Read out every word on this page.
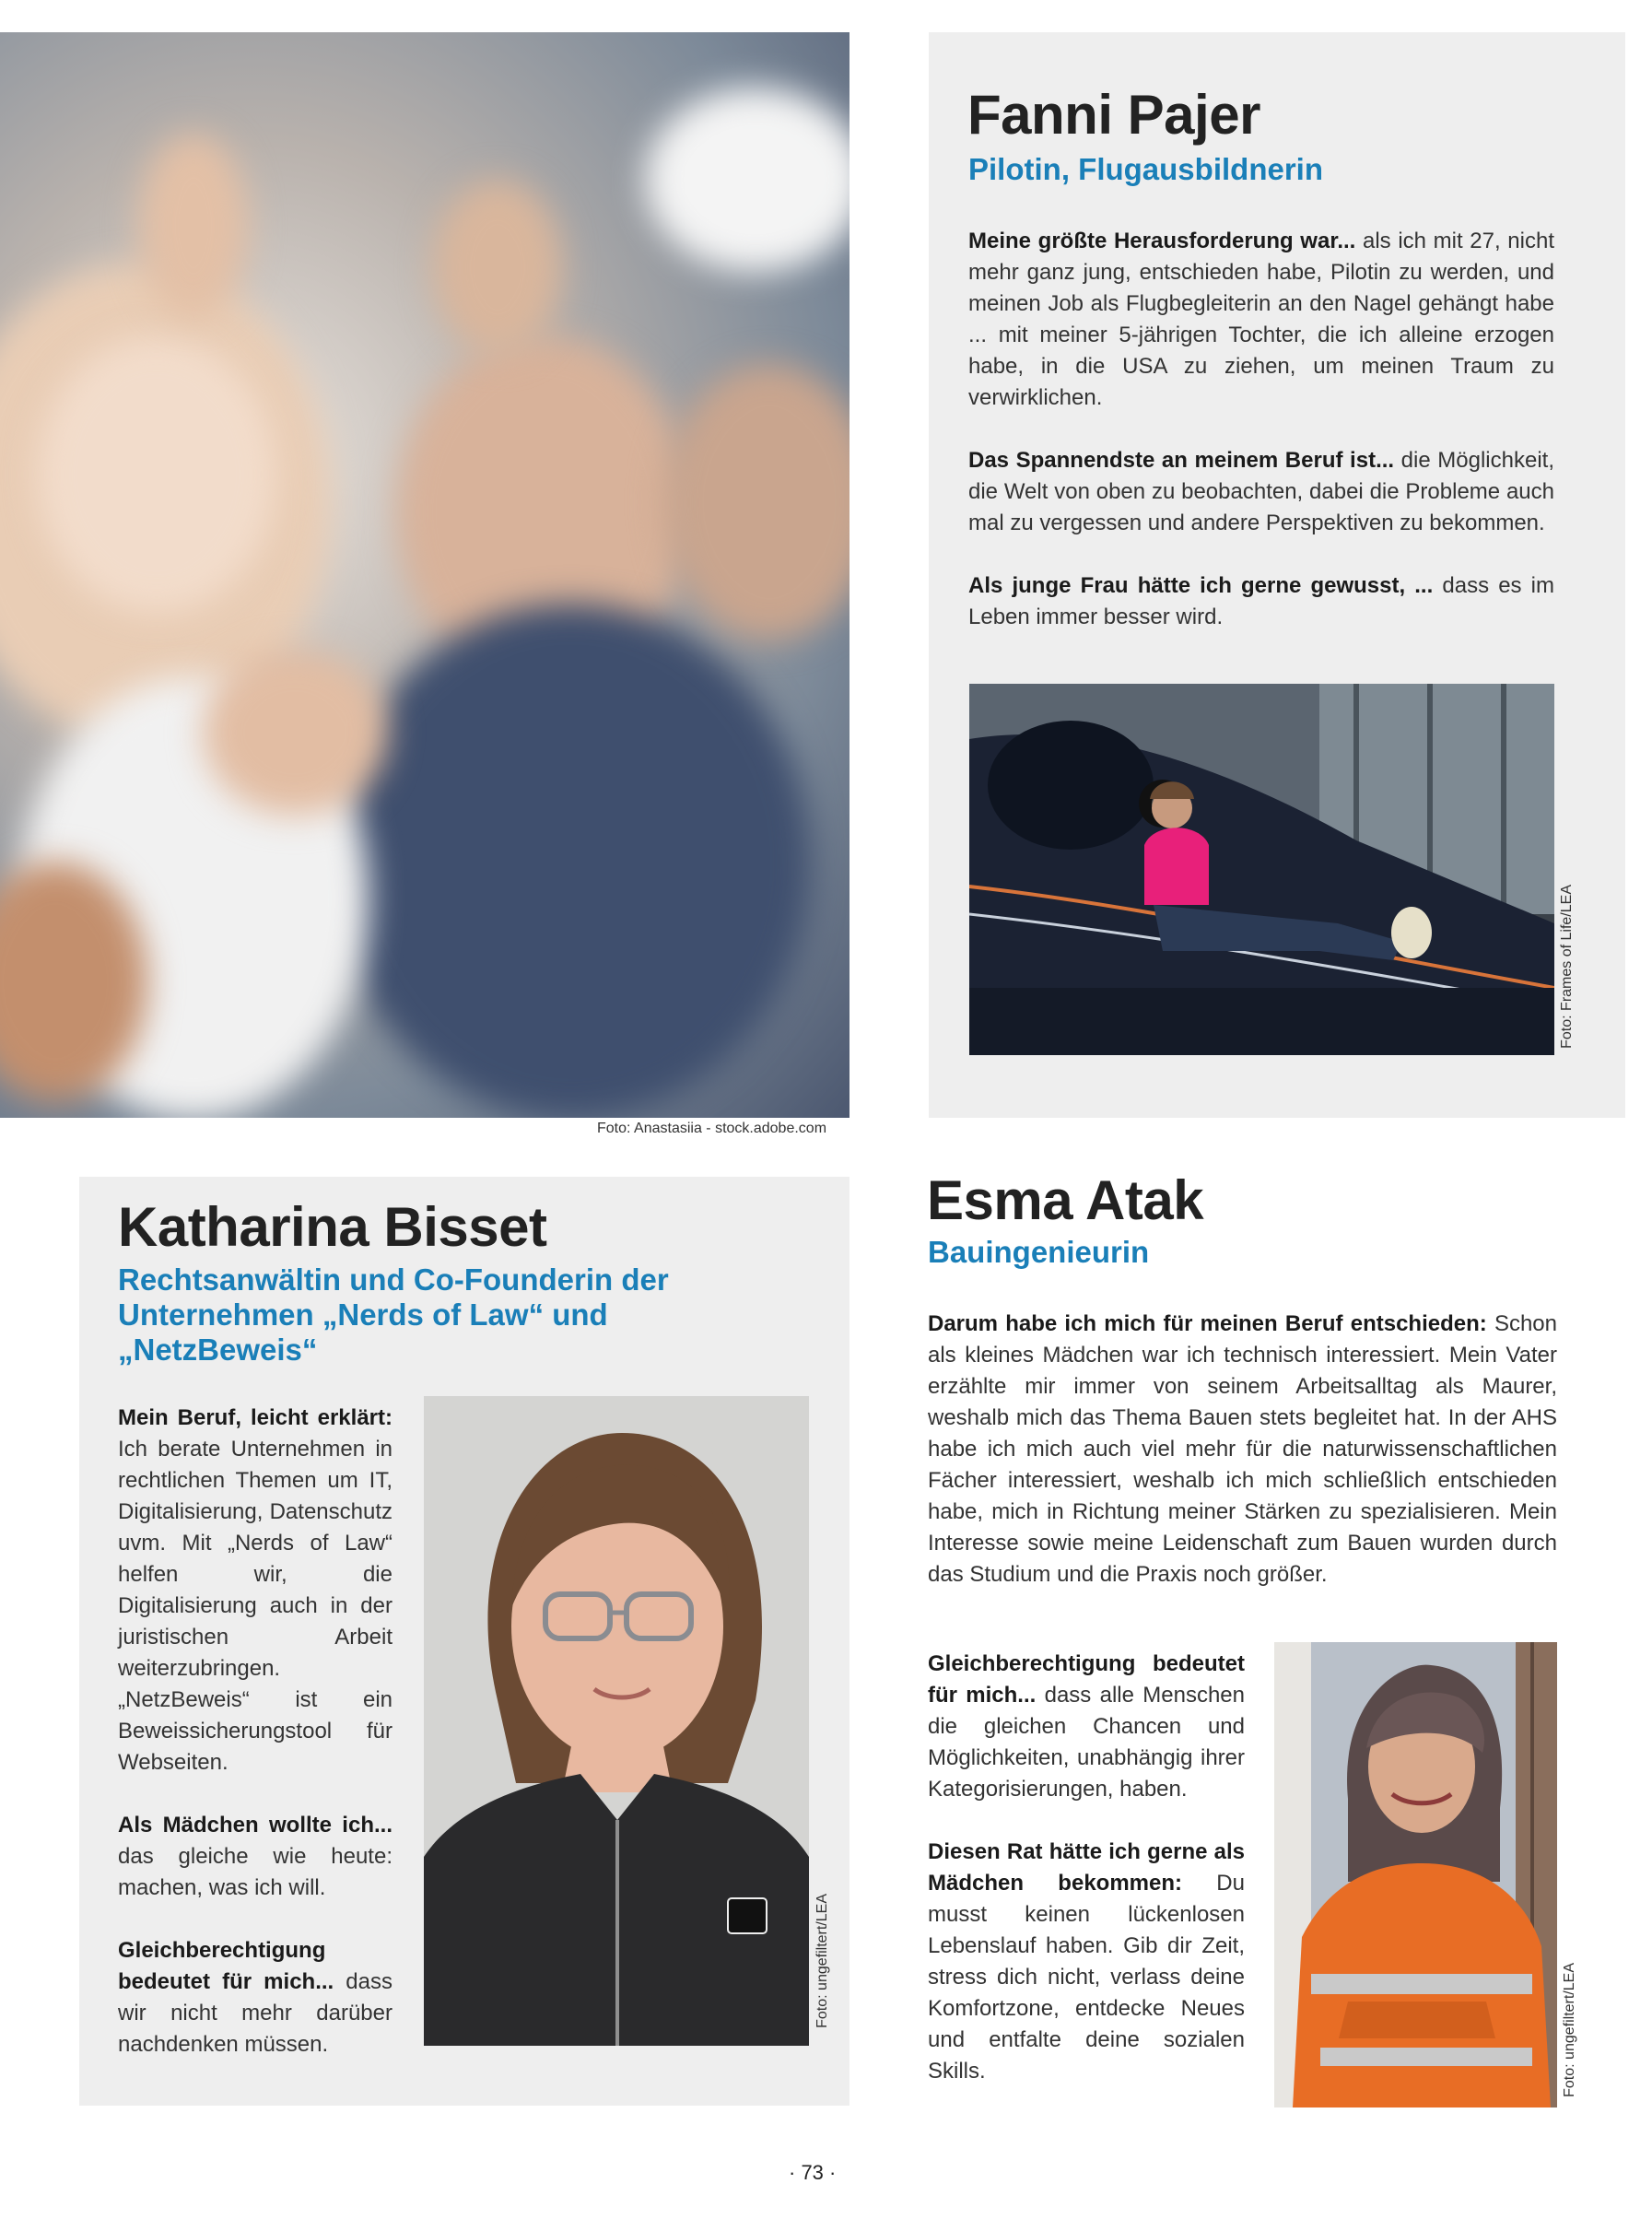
Foto: Anastasiia - stock.adobe.com
Fanni Pajer
Pilotin, Flugausbildnerin

Meine größte Herausforderung war... als ich mit 27, nicht mehr ganz jung, entschieden habe, Pilotin zu werden, und meinen Job als Flugbegleiterin an den Nagel gehängt habe ... mit meiner 5-jährigen Tochter, die ich alleine erzogen habe, in die USA zu ziehen, um meinen Traum zu verwirklichen.

Das Spannendste an meinem Beruf ist... die Möglichkeit, die Welt von oben zu beobachten, dabei die Probleme auch mal zu vergessen und andere Perspektiven zu bekommen.

Als junge Frau hätte ich gerne gewusst, ... dass es im Leben immer besser wird.

Foto: Frames of Life/LEA
Katharina Bisset
Rechtsanwältin und Co-Founderin der Unternehmen „Nerds of Law“ und „NetzBeweis“

Mein Beruf, leicht erklärt: Ich berate Unternehmen in rechtlichen Themen um IT, Digitalisierung, Datenschutz uvm. Mit „Nerds of Law“ helfen wir, die Digitalisierung auch in der juristischen Arbeit weiterzubringen. „NetzBeweis“ ist ein Beweissicherungstool für Webseiten.

Als Mädchen wollte ich... das gleiche wie heute: machen, was ich will.

Gleichberechtigung bedeutet für mich... dass wir nicht mehr darüber nachdenken müssen.

Foto: ungefiltert/LEA
Esma Atak
Bauingenieurin

Darum habe ich mich für meinen Beruf entschieden: Schon als kleines Mädchen war ich technisch interessiert. Mein Vater erzählte mir immer von seinem Arbeitsalltag als Maurer, weshalb mich das Thema Bauen stets begleitet hat. In der AHS habe ich mich auch viel mehr für die naturwissenschaftlichen Fächer interessiert, weshalb ich mich schließlich entschieden habe, mich in Richtung meiner Stärken zu spezialisieren. Mein Interesse sowie meine Leidenschaft zum Bauen wurden durch das Studium und die Praxis noch größer.

Gleichberechtigung bedeutet für mich... dass alle Menschen die gleichen Chancen und Möglichkeiten, unabhängig ihrer Kategorisierungen, haben.

Diesen Rat hätte ich gerne als Mädchen bekommen: Du musst keinen lückenlosen Lebenslauf haben. Gib dir Zeit, stress dich nicht, verlass deine Komfortzone, entdecke Neues und entfalte deine sozialen Skills.	Foto: ungefiltert/LEA
· 73 ·
